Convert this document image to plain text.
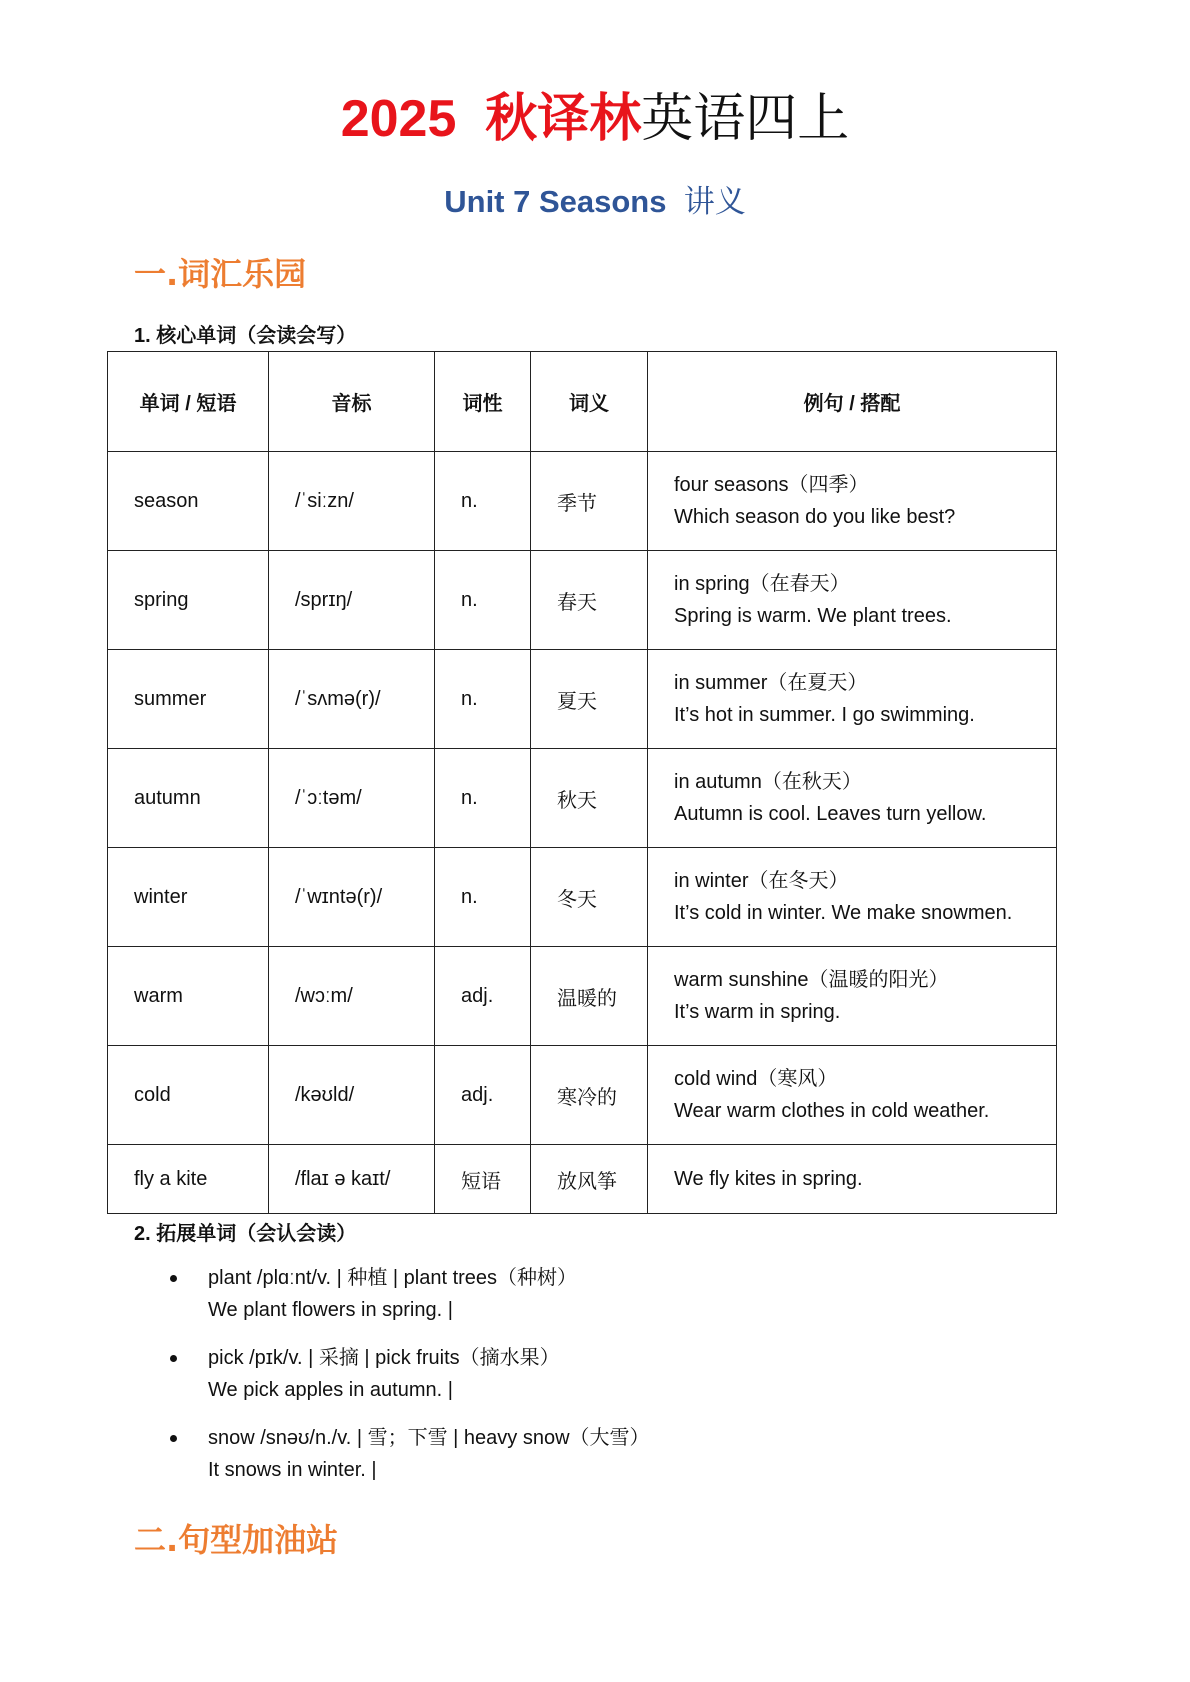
2025 秋译林英语四上
Unit 7 Seasons 讲义
一.词汇乐园
1. 核心单词（会读会写）
单词 / 短语	音标	词性	词义	例句 / 搭配
season	/ˈsiːzn/	n.	季节	four seasons（四季）
Which season do you like best?

spring	/sprɪŋ/	n.	春天	in spring（在春天）
Spring is warm. We plant trees.

summer	/ˈsʌmə(r)/	n.	夏天	in summer（在夏天）
It’s hot in summer. I go swimming.

autumn	/ˈɔːtəm/	n.	秋天	in autumn（在秋天）
Autumn is cool. Leaves turn yellow.

winter	/ˈwɪntə(r)/	n.	冬天	in winter（在冬天）
It’s cold in winter. We make snowmen.

warm	/wɔːm/	adj.	温暖的	warm sunshine（温暖的阳光）
It’s warm in spring.

cold	/kəʊld/	adj.	寒冷的	cold wind（寒风）
Wear warm clothes in cold weather.

fly a kite	/flaɪ ə kaɪt/	短语	放风筝	We fly kites in spring.
2. 拓展单词（会认会读）
plant /plɑːnt/v. | 种植 | plant trees（种树）
We plant flowers in spring. |
pick /pɪk/v. | 采摘 | pick fruits（摘水果）
We pick apples in autumn. |
snow /snəʊ/n./v. | 雪；下雪 | heavy snow（大雪）
It snows in winter. |
二.句型加油站
